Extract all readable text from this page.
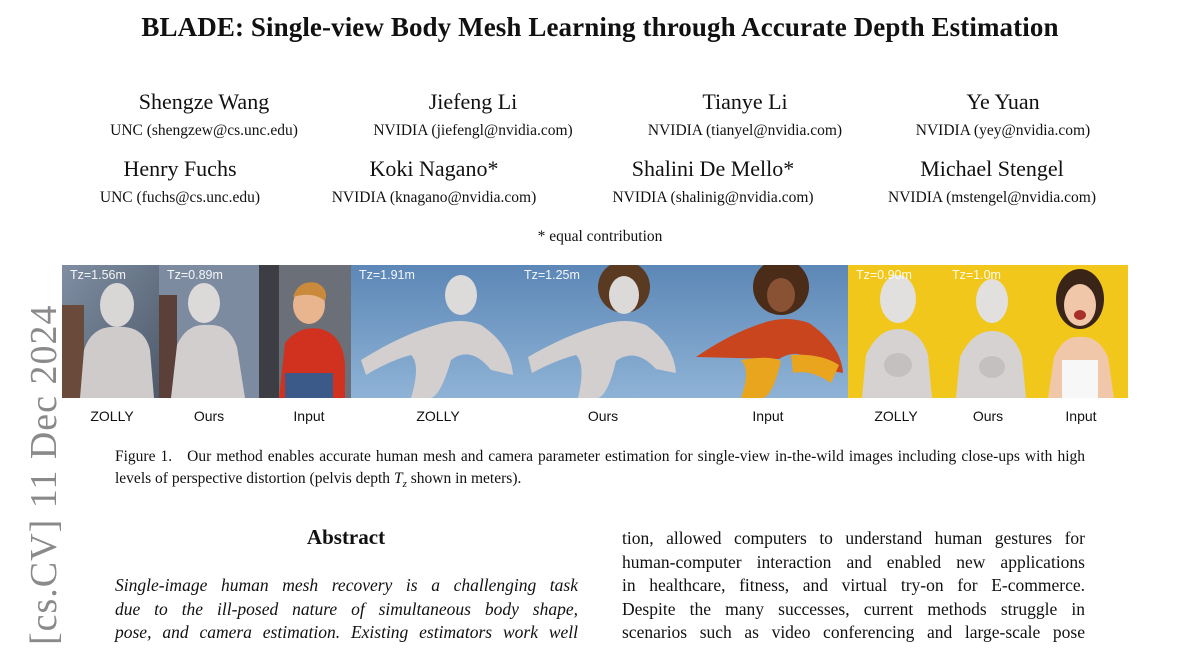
BLADE: Single-view Body Mesh Learning through Accurate Depth Estimation
Shengze Wang
UNC (shengzew@cs.unc.edu)
Jiefeng Li
NVIDIA (jiefengl@nvidia.com)
Tianye Li
NVIDIA (tianyel@nvidia.com)
Ye Yuan
NVIDIA (yey@nvidia.com)
Henry Fuchs
UNC (fuchs@cs.unc.edu)
Koki Nagano*
NVIDIA (knagano@nvidia.com)
Shalini De Mello*
NVIDIA (shalinig@nvidia.com)
Michael Stengel
NVIDIA (mstengel@nvidia.com)
* equal contribution
Tz=1.56m	Tz=0.89m	Tz=1.91m	Tz=1.25m	Tz=0.90m	Tz=1.0m
ZOLLY	Ours	Input	ZOLLY	Ours	Input	ZOLLY	Ours	Input
Figure 1. Our method enables accurate human mesh and camera parameter estimation for single-view in-the-wild images including close-ups with high levels of perspective distortion (pelvis depth $T_z$ shown in meters).
[cs.CV] 11 Dec 2024	Abstract
Single-image human mesh recovery is a challenging task
due to the ill-posed nature of simultaneous body shape,
pose, and camera estimation. Existing estimators work well
tion, allowed computers to understand human gestures for
human-computer interaction and enabled new applications
in healthcare, fitness, and virtual try-on for E-commerce.
Despite the many successes, current methods struggle in
scenarios such as video conferencing and large-scale pose
